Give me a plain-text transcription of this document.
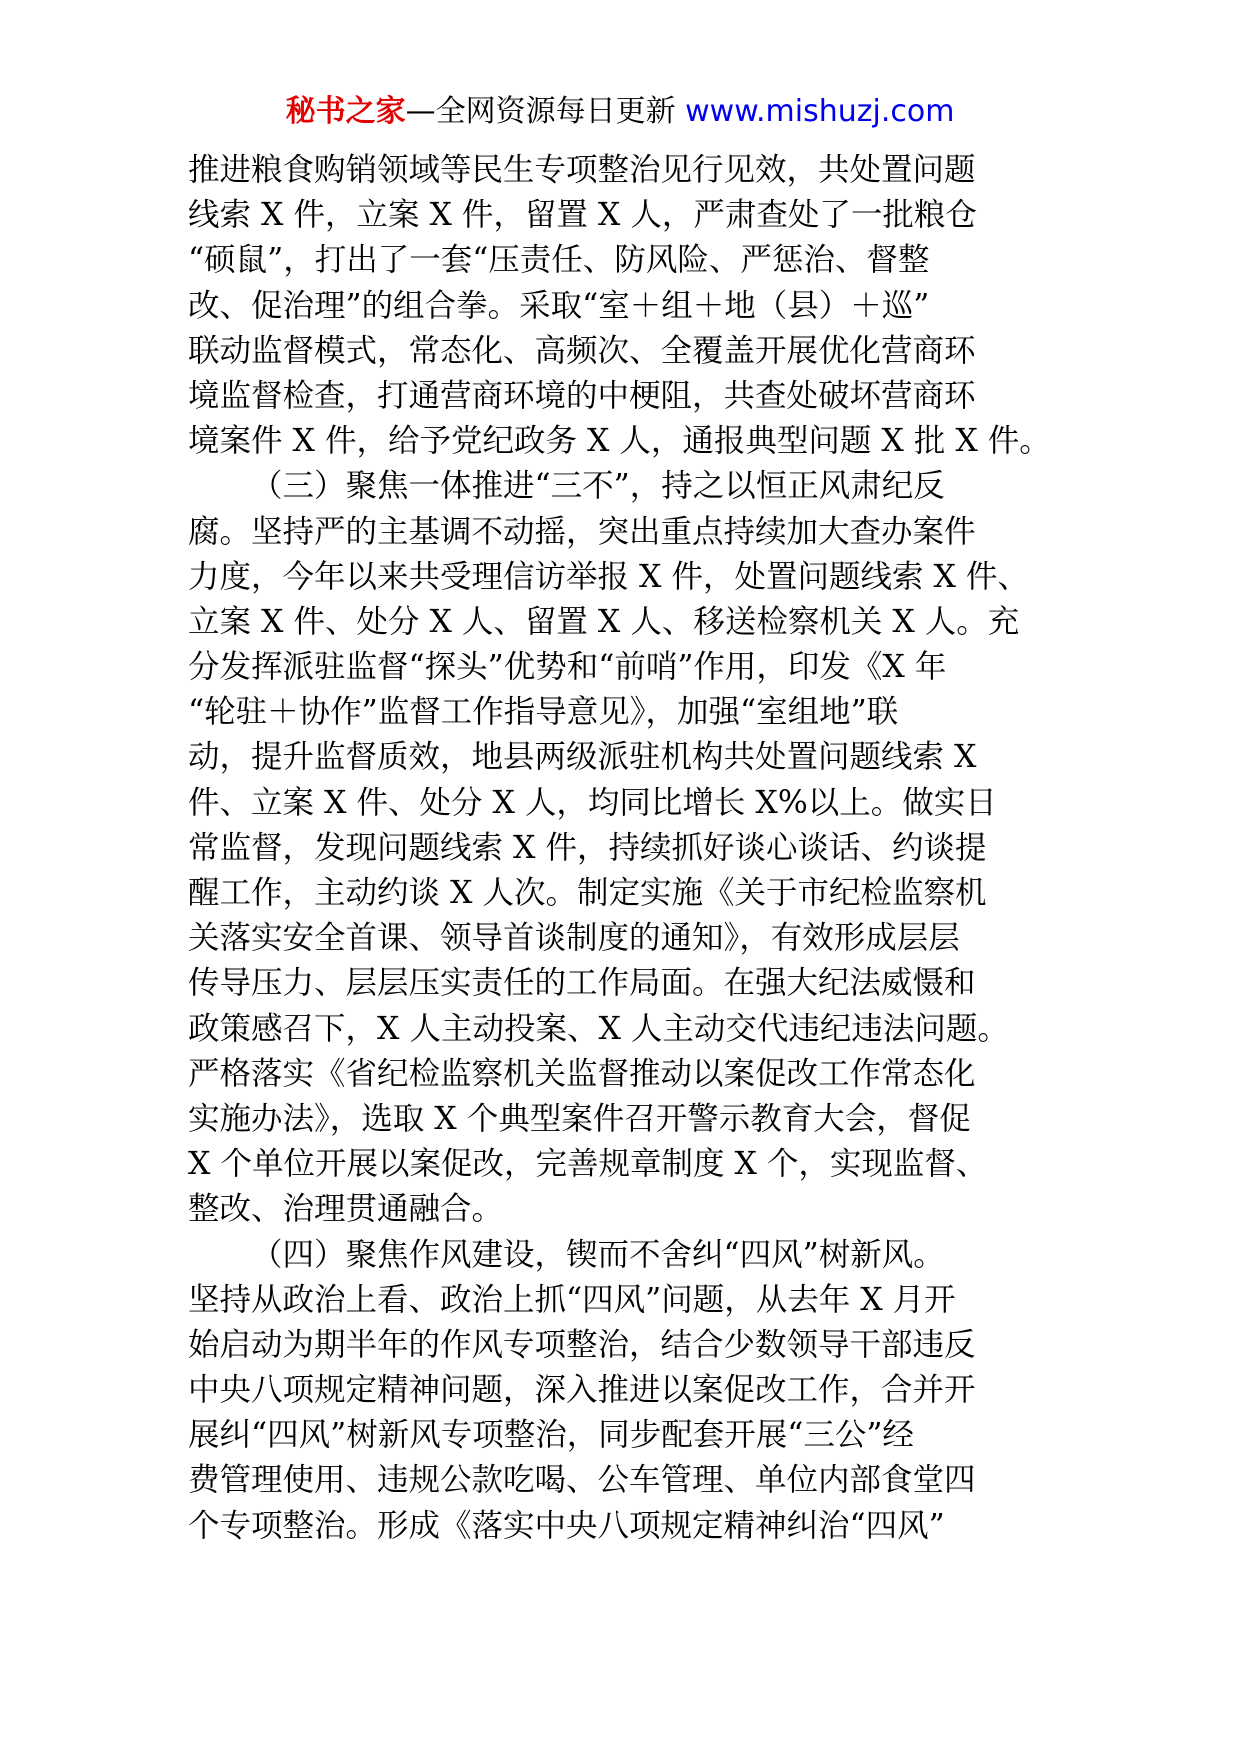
秘书之家—全网资源每日更新 www.mishuzj.com
推进粮食购销领域等民生专项整治见行见效，共处置问题
线索 X 件，立案 X 件，留置 X 人，严肃查处了一批粮仓
“硕鼠”，打出了一套“压责任、防风险、严惩治、督整
改、促治理”的组合拳。采取“室＋组＋地（县）＋巡”
联动监督模式，常态化、高频次、全覆盖开展优化营商环
境监督检查，打通营商环境的中梗阻，共查处破坏营商环
境案件 X 件，给予党纪政务 X 人，通报典型问题 X 批 X 件。
（三）聚焦一体推进“三不”，持之以恒正风肃纪反
腐。坚持严的主基调不动摇，突出重点持续加大查办案件
力度，今年以来共受理信访举报 X 件，处置问题线索 X 件、
立案 X 件、处分 X 人、留置 X 人、移送检察机关 X 人。充
分发挥派驻监督“探头”优势和“前哨”作用，印发《X 年
“轮驻＋协作”监督工作指导意见》，加强“室组地”联
动，提升监督质效，地县两级派驻机构共处置问题线索 X
件、立案 X 件、处分 X 人，均同比增长 X%以上。做实日
常监督，发现问题线索 X 件，持续抓好谈心谈话、约谈提
醒工作，主动约谈 X 人次。制定实施《关于市纪检监察机
关落实安全首课、领导首谈制度的通知》，有效形成层层
传导压力、层层压实责任的工作局面。在强大纪法威慑和
政策感召下，X 人主动投案、X 人主动交代违纪违法问题。
严格落实《省纪检监察机关监督推动以案促改工作常态化
实施办法》，选取 X 个典型案件召开警示教育大会，督促
X 个单位开展以案促改，完善规章制度 X 个，实现监督、
整改、治理贯通融合。
（四）聚焦作风建设，锲而不舍纠“四风”树新风。
坚持从政治上看、政治上抓“四风”问题，从去年 X 月开
始启动为期半年的作风专项整治，结合少数领导干部违反
中央八项规定精神问题，深入推进以案促改工作，合并开
展纠“四风”树新风专项整治，同步配套开展“三公”经
费管理使用、违规公款吃喝、公车管理、单位内部食堂四
个专项整治。形成《落实中央八项规定精神纠治“四风”
